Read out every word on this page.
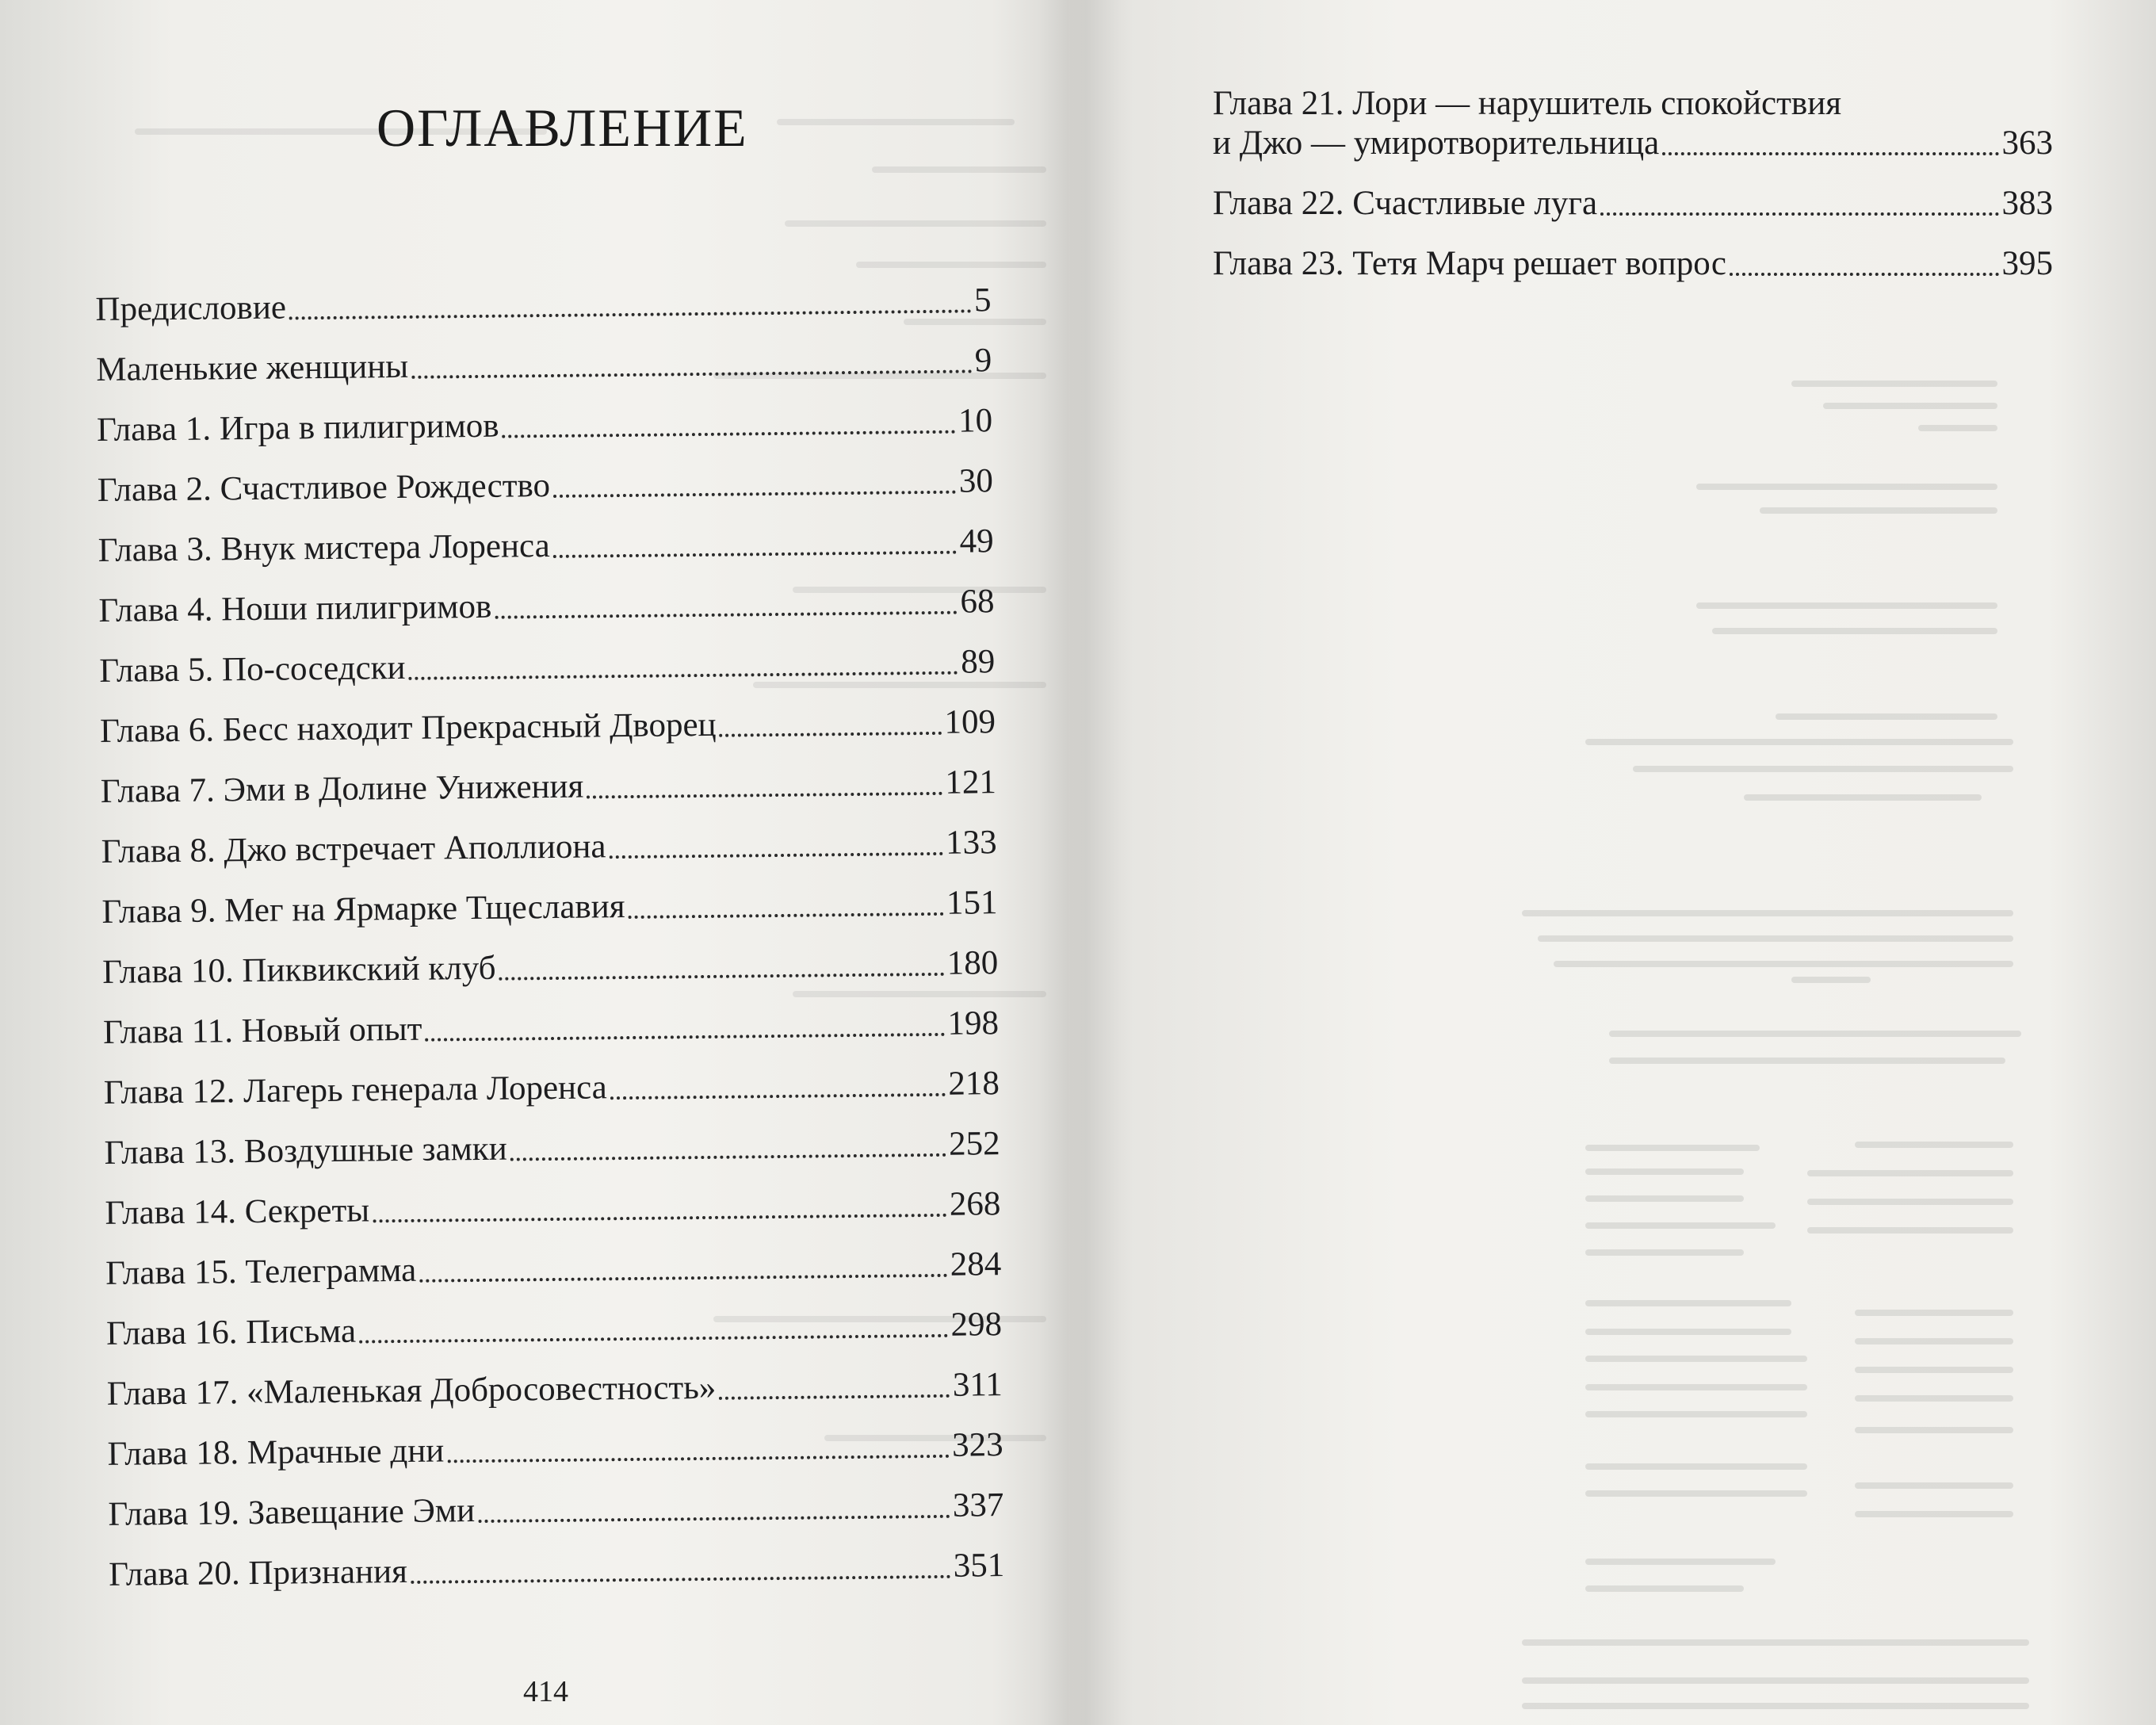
ОГЛАВЛЕНИЕ
Предисловие	5
Маленькие женщины	9
Глава 1. Игра в пилигримов	10
Глава 2. Счастливое Рождество	30
Глава 3. Внук мистера Лоренса	49
Глава 4. Ноши пилигримов	68
Глава 5. По-соседски	89
Глава 6. Бесс находит Прекрасный Дворец	109
Глава 7. Эми в Долине Унижения	121
Глава 8. Джо встречает Аполлиона	133
Глава 9. Мег на Ярмарке Тщеславия	151
Глава 10. Пиквикский клуб	180
Глава 11. Новый опыт	198
Глава 12. Лагерь генерала Лоренса	218
Глава 13. Воздушные замки	252
Глава 14. Секреты	268
Глава 15. Телеграмма	284
Глава 16. Письма	298
Глава 17. «Маленькая Добросовестность»	311
Глава 18. Мрачные дни	323
Глава 19. Завещание Эми	337
Глава 20. Признания	351
414
Глава 21. Лори — нарушитель спокойствия
и Джо — умиротворительница	363
Глава 22. Счастливые луга	383
Глава 23. Тетя Марч решает вопрос	395
